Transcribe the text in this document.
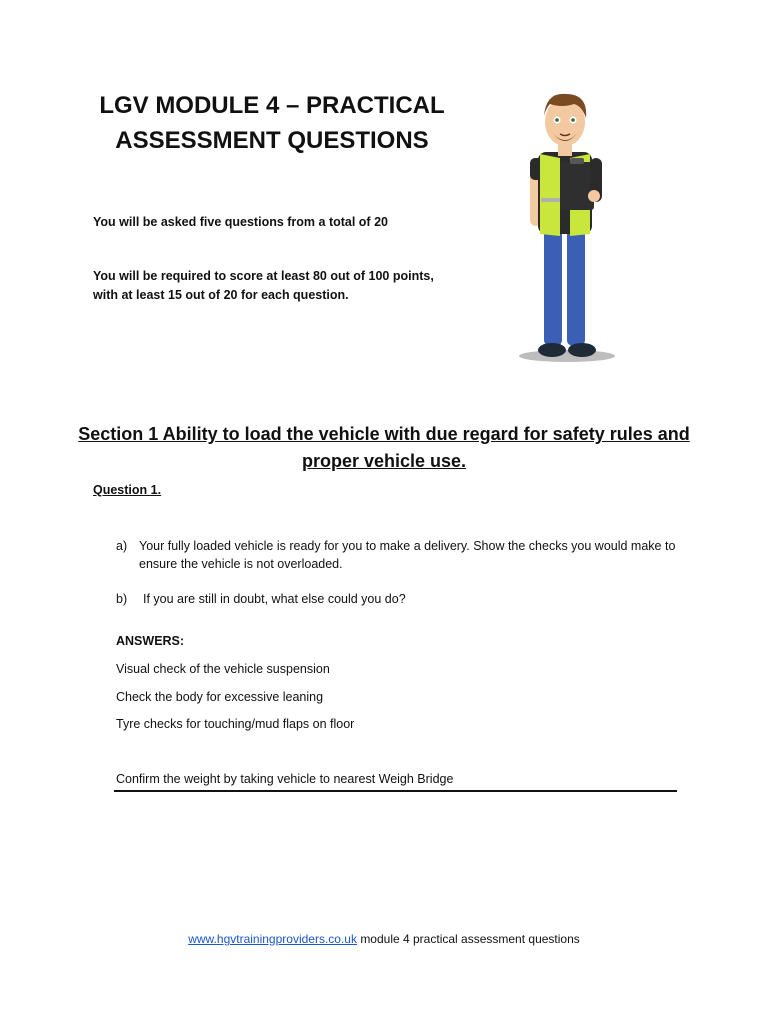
LGV MODULE 4 – PRACTICAL ASSESSMENT QUESTIONS
You will be asked five questions from a total of 20
You will be required to score at least 80 out of 100 points, with at least 15 out of 20 for each question.
Section 1 Ability to load the vehicle with due regard for safety rules and proper vehicle use.
Question 1.
a) Your fully loaded vehicle is ready for you to make a delivery. Show the checks you would make to ensure the vehicle is not overloaded.
b) If you are still in doubt, what else could you do?
ANSWERS:
Visual check of the vehicle suspension
Check the body for excessive leaning
Tyre checks for touching/mud flaps on floor
Confirm the weight by taking vehicle to nearest Weigh Bridge
www.hgvtrainingproviders.co.uk module 4 practical assessment questions
